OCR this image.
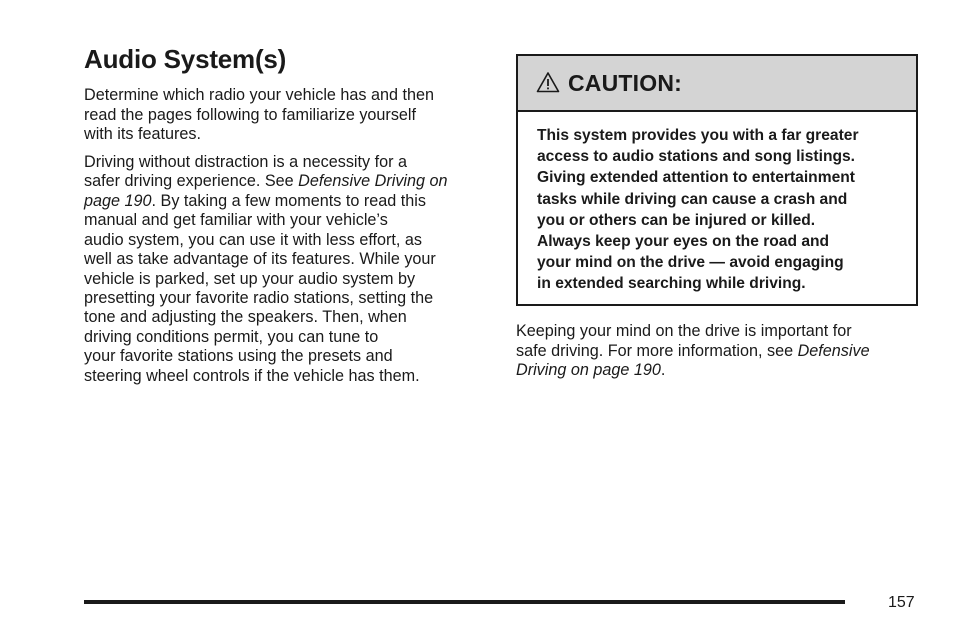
Audio System(s)

Determine which radio your vehicle has and then
read the pages following to familiarize yourself
with its features.

Driving without distraction is a necessity for a
safer driving experience. See Defensive Driving on
page 190. By taking a few moments to read this
manual and get familiar with your vehicle’s
audio system, you can use it with less effort, as
well as take advantage of its features. While your
vehicle is parked, set up your audio system by
presetting your favorite radio stations, setting the
tone and adjusting the speakers. Then, when
driving conditions permit, you can tune to
your favorite stations using the presets and
steering wheel controls if the vehicle has them.

CAUTION:
This system provides you with a far greater
access to audio stations and song listings.
Giving extended attention to entertainment
tasks while driving can cause a crash and
you or others can be injured or killed.
Always keep your eyes on the road and
your mind on the drive — avoid engaging
in extended searching while driving.

Keeping your mind on the drive is important for
safe driving. For more information, see Defensive
Driving on page 190.

157
